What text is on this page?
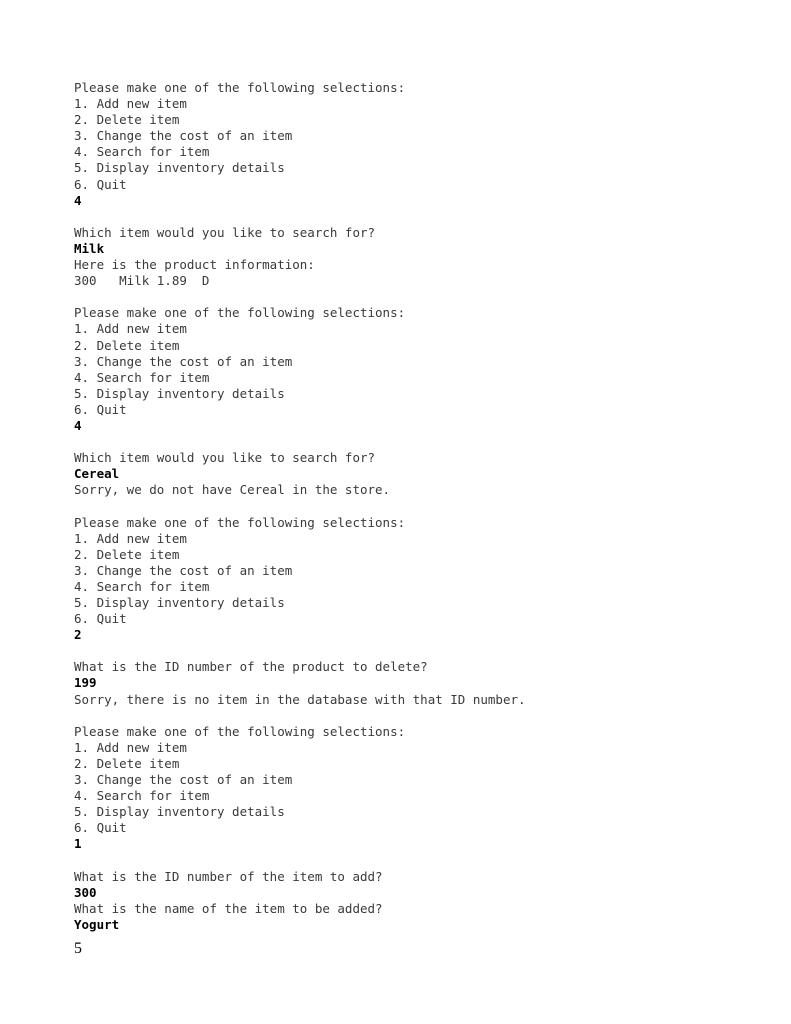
Please make one of the following selections:
1. Add new item
2. Delete item
3. Change the cost of an item
4. Search for item
5. Display inventory details
6. Quit
4
Which item would you like to search for?
Milk
Here is the product information:
300   Milk 1.89  D
Please make one of the following selections:
1. Add new item
2. Delete item
3. Change the cost of an item
4. Search for item
5. Display inventory details
6. Quit
4
Which item would you like to search for?
Cereal
Sorry, we do not have Cereal in the store.
Please make one of the following selections:
1. Add new item
2. Delete item
3. Change the cost of an item
4. Search for item
5. Display inventory details
6. Quit
2
What is the ID number of the product to delete?
199
Sorry, there is no item in the database with that ID number.
Please make one of the following selections:
1. Add new item
2. Delete item
3. Change the cost of an item
4. Search for item
5. Display inventory details
6. Quit
1
What is the ID number of the item to add?
300
What is the name of the item to be added?
Yogurt
5
